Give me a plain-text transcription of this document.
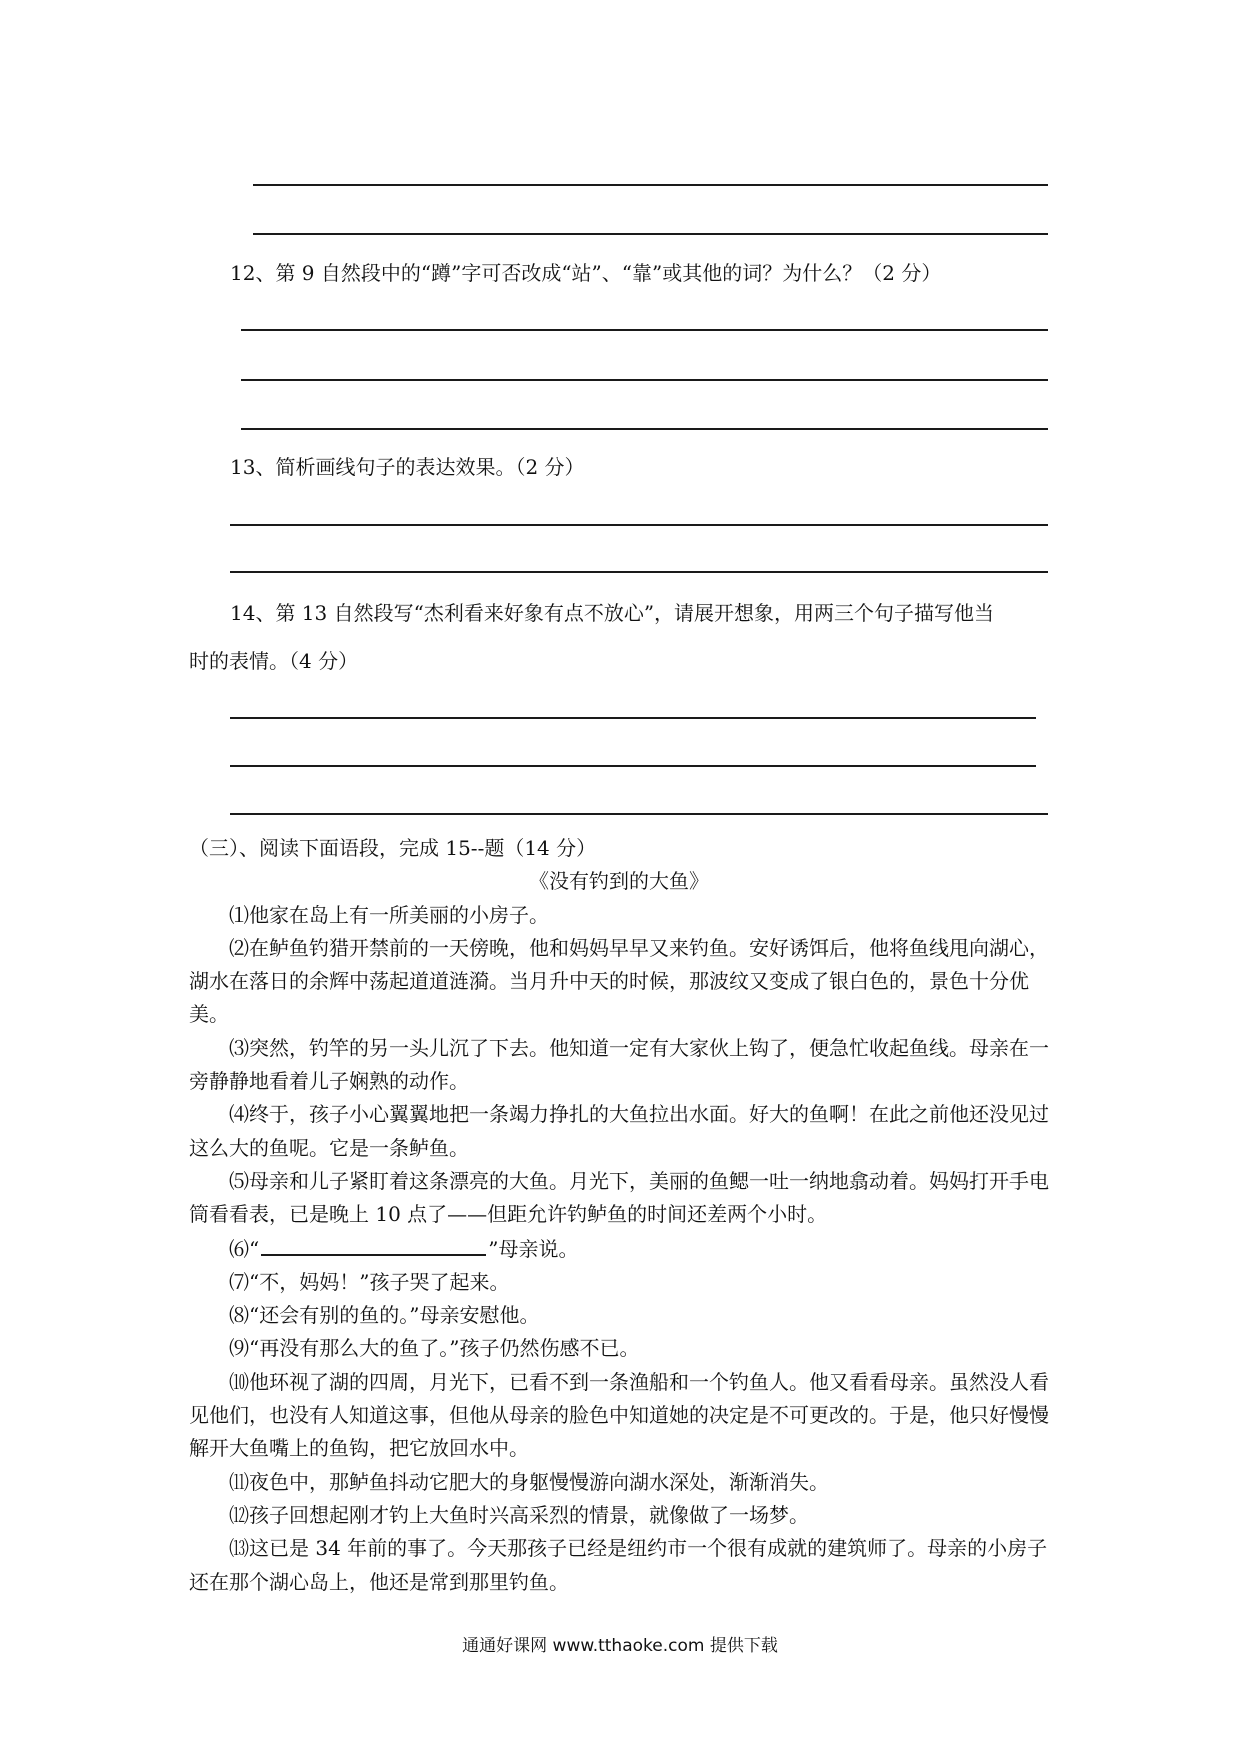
12、第 9 自然段中的“蹲”字可否改成“站”、“靠”或其他的词？为什么？（2 分）
13、简析画线句子的表达效果。（2 分）
14、第 13 自然段写“杰利看来好象有点不放心”，请展开想象，用两三个句子描写他当
时的表情。（4 分）

（三）、阅读下面语段，完成 15--题（14 分）

《没有钓到的大鱼》

⑴他家在岛上有一所美丽的小房子。

⑵在鲈鱼钓猎开禁前的一天傍晚，他和妈妈早早又来钓鱼。安好诱饵后，他将鱼线甩向湖心，湖水在落日的余辉中荡起道道涟漪。当月升中天的时候，那波纹又变成了银白色的，景色十分优美。

⑶突然，钓竿的另一头儿沉了下去。他知道一定有大家伙上钩了，便急忙收起鱼线。母亲在一旁静静地看着儿子娴熟的动作。

⑷终于，孩子小心翼翼地把一条竭力挣扎的大鱼拉出水面。好大的鱼啊！在此之前他还没见过这么大的鱼呢。它是一条鲈鱼。

⑸母亲和儿子紧盯着这条漂亮的大鱼。月光下，美丽的鱼鳃一吐一纳地翕动着。妈妈打开手电筒看看表，已是晚上 10 点了——但距允许钓鲈鱼的时间还差两个小时。

⑹“	”母亲说。

⑺“不，妈妈！”孩子哭了起来。

⑻“还会有别的鱼的。”母亲安慰他。

⑼“再没有那么大的鱼了。”孩子仍然伤感不已。

⑽他环视了湖的四周，月光下，已看不到一条渔船和一个钓鱼人。他又看看母亲。虽然没人看见他们，也没有人知道这事，但他从母亲的脸色中知道她的决定是不可更改的。于是，他只好慢慢解开大鱼嘴上的鱼钩，把它放回水中。

⑾夜色中，那鲈鱼抖动它肥大的身躯慢慢游向湖水深处，渐渐消失。

⑿孩子回想起刚才钓上大鱼时兴高采烈的情景，就像做了一场梦。

⒀这已是 34 年前的事了。今天那孩子已经是纽约市一个很有成就的建筑师了。母亲的小房子还在那个湖心岛上，他还是常到那里钓鱼。

通通好课网 www.tthaoke.com 提供下载
